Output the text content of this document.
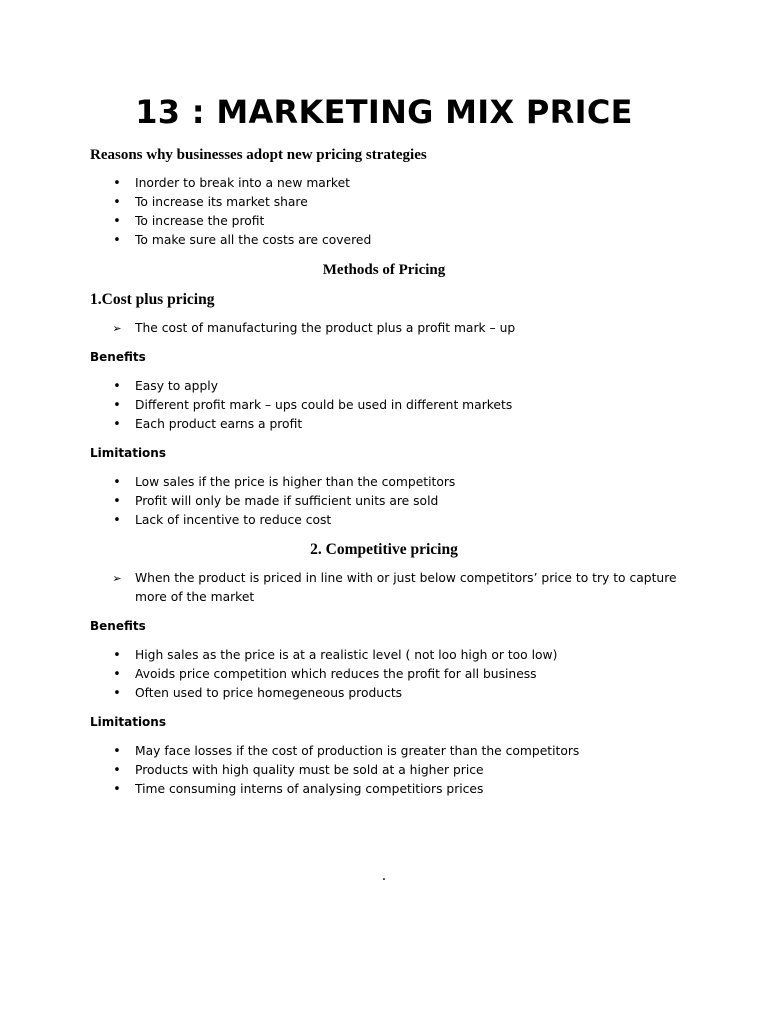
13 : MARKETING MIX PRICE
Reasons why businesses adopt new pricing strategies
•
Inorder to break into a new market
•
To increase its market share
•
To increase the profit
•
To make sure all the costs are covered
Methods of Pricing
1.Cost plus pricing
➢
The cost of manufacturing the product plus a profit mark – up
Benefits
•
Easy to apply
•
Different profit mark – ups could be used in different markets
•
Each product earns a profit
Limitations
•
Low sales if the price is higher than the competitors
•
Profit will only be made if sufficient units are sold
•
Lack of incentive to reduce cost
2. Competitive pricing
➢
When the product is priced in line with or just below competitors’ price to try to capture more of the market
Benefits
•
High sales as the price is at a realistic level ( not loo high or too low)
•
Avoids price competition which reduces the profit for all business
•
Often used to price homegeneous products
Limitations
•
May face losses if the cost of production is greater than the competitors
•
Products with high quality must be sold at a higher price
•
Time consuming interns of analysing competitiors prices
.
